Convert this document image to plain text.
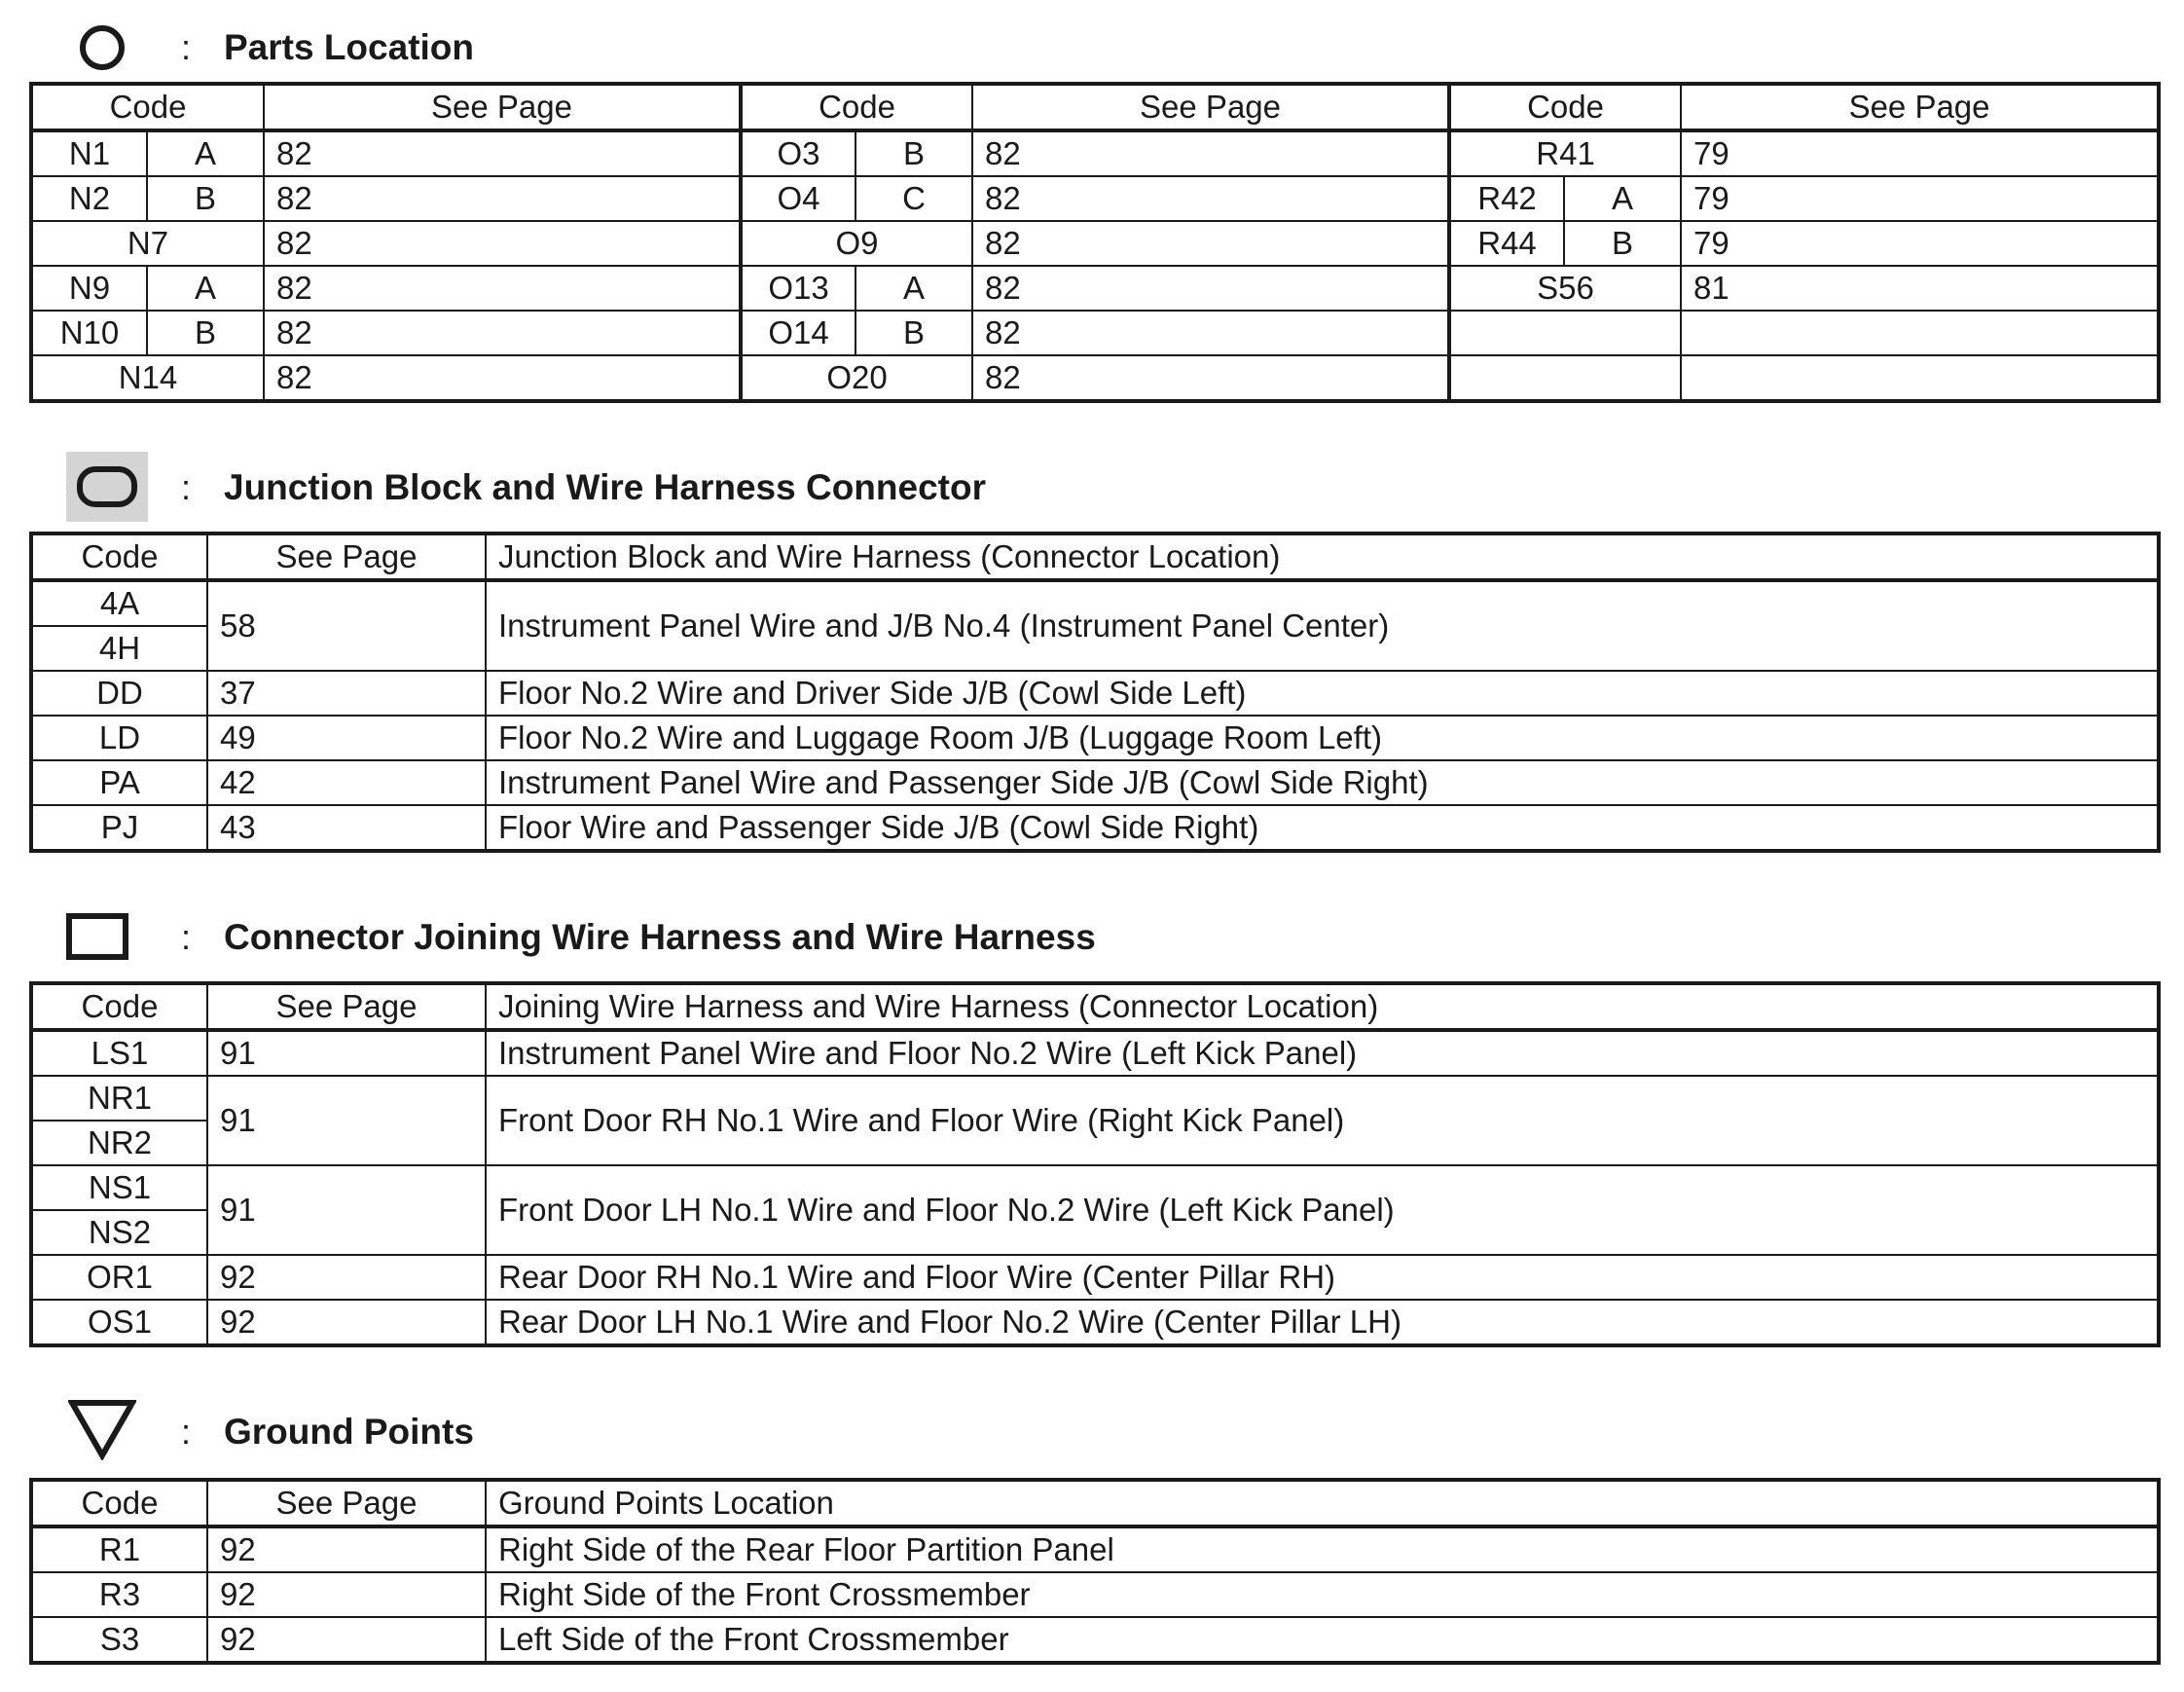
: Parts Location
Code		See Page	Code		See Page	Code		See Page
N1	A	82	O3	B	82	R41		79
N2	B	82	O4	C	82	R42	A	79
N7		82	O9		82	R44	B	79
N9	A	82	O13	A	82	S56		81
N10	B	82	O14	B	82			
N14		82	O20		82			
: Junction Block and Wire Harness Connector
Code	See Page	Junction Block and Wire Harness (Connector Location)
4A	58	Instrument Panel Wire and J/B No.4 (Instrument Panel Center)
4H		
DD	37	Floor No.2 Wire and Driver Side J/B (Cowl Side Left)
LD	49	Floor No.2 Wire and Luggage Room J/B (Luggage Room Left)
PA	42	Instrument Panel Wire and Passenger Side J/B (Cowl Side Right)
PJ	43	Floor Wire and Passenger Side J/B (Cowl Side Right)
: Connector Joining Wire Harness and Wire Harness
Code	See Page	Joining Wire Harness and Wire Harness (Connector Location)
LS1	91	Instrument Panel Wire and Floor No.2 Wire (Left Kick Panel)
NR1	91	Front Door RH No.1 Wire and Floor Wire (Right Kick Panel)
NR2		
NS1	91	Front Door LH No.1 Wire and Floor No.2 Wire (Left Kick Panel)
NS2		
OR1	92	Rear Door RH No.1 Wire and Floor Wire (Center Pillar RH)
OS1	92	Rear Door LH No.1 Wire and Floor No.2 Wire (Center Pillar LH)
: Ground Points
Code	See Page	Ground Points Location
R1	92	Right Side of the Rear Floor Partition Panel
R3	92	Right Side of the Front Crossmember
S3	92	Left Side of the Front Crossmember
